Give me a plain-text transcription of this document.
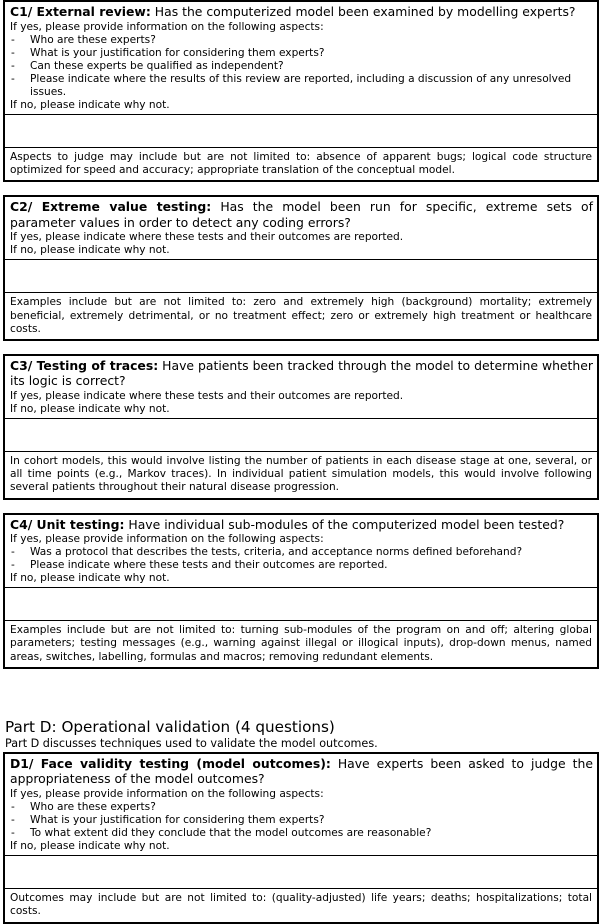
C1/ External review: Has the computerized model been examined by modelling experts?

If yes, please provide information on the following aspects:

- Who are these experts?
- What is your justification for considering them experts?
- Can these experts be qualified as independent?
- Please indicate where the results of this review are reported, including a discussion of any unresolved issues.

If no, please indicate why not.

Aspects to judge may include but are not limited to: absence of apparent bugs; logical code structure optimized for speed and accuracy; appropriate translation of the conceptual model.

C2/ Extreme value testing: Has the model been run for specific, extreme sets of parameter values in order to detect any coding errors?

If yes, please indicate where these tests and their outcomes are reported.

If no, please indicate why not.

Examples include but are not limited to: zero and extremely high (background) mortality; extremely beneficial, extremely detrimental, or no treatment effect; zero or extremely high treatment or healthcare costs.

C3/ Testing of traces: Have patients been tracked through the model to determine whether its logic is correct?

If yes, please indicate where these tests and their outcomes are reported.

If no, please indicate why not.

In cohort models, this would involve listing the number of patients in each disease stage at one, several, or all time points (e.g., Markov traces). In individual patient simulation models, this would involve following several patients throughout their natural disease progression.

C4/ Unit testing: Have individual sub-modules of the computerized model been tested?

If yes, please provide information on the following aspects:

- Was a protocol that describes the tests, criteria, and acceptance norms defined beforehand?
- Please indicate where these tests and their outcomes are reported.

If no, please indicate why not.

Examples include but are not limited to: turning sub-modules of the program on and off; altering global parameters; testing messages (e.g., warning against illegal or illogical inputs), drop-down menus, named areas, switches, labelling, formulas and macros; removing redundant elements.

Part D: Operational validation (4 questions)

Part D discusses techniques used to validate the model outcomes.

D1/ Face validity testing (model outcomes): Have experts been asked to judge the appropriateness of the model outcomes?

If yes, please provide information on the following aspects:

- Who are these experts?
- What is your justification for considering them experts?
- To what extent did they conclude that the model outcomes are reasonable?

If no, please indicate why not.

Outcomes may include but are not limited to: (quality-adjusted) life years; deaths; hospitalizations; total costs.
